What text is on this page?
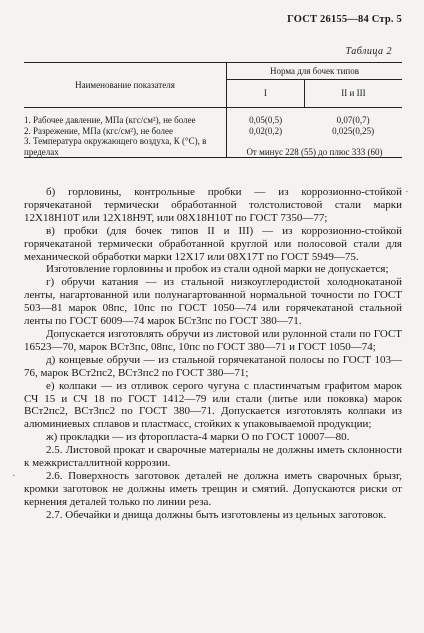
ГОСТ 26155—84 Стр. 5
Таблица 2
Наименование показателя	Норма для бочек типов	
	I	II и III
1. Рабочее давление, МПа (кгс/см²), не более	0,05(0,5)	0,07(0,7)
2. Разрежение, МПа (кгс/см²), не более	0,02(0,2)	0,025(0,25)
3. Температура окружающего воздуха, К (°С), в пределах	От минус 228 (55) до плюс 333 (60)	

б) горловины, контрольные пробки — из коррозионно-стойкой горячекатаной термически обработанной толстолистовой стали марки 12Х18Н10Т или 12Х18Н9Т, или 08Х18Н10Т по ГОСТ 7350—77;

в) пробки (для бочек типов II и III) — из коррозионно-стойкой горячекатаной термически обработанной круглой или полосовой стали для механической обработки марки 12Х17 или 08Х17Т по ГОСТ 5949—75.

Изготовление горловины и пробок из стали одной марки не допускается;

г) обручи катания — из стальной низкоуглеродистой холоднокатаной ленты, нагартованной или полунагартованной нормальной точности по ГОСТ 503—81 марок 08пс, 10пс по ГОСТ 1050—74 или горячекатаной стальной ленты по ГОСТ 6009—74 марок БСт3пс по ГОСТ 380—71.

Допускается изготовлять обручи из листовой или рулонной стали по ГОСТ 16523—70, марок ВСт3пс, 08пс, 10пс по ГОСТ 380—71 и ГОСТ 1050—74;

д) концевые обручи — из стальной горячекатаной полосы по ГОСТ 103—76, марок ВСт2пс2, ВСт3пс2 по ГОСТ 380—71;

е) колпаки — из отливок серого чугуна с пластинчатым графитом марок СЧ 15 и СЧ 18 по ГОСТ 1412—79 или стали (литье или поковка) марок ВСт2пс2, ВСт3пс2 по ГОСТ 380—71. Допускается изготовлять колпаки из алюминиевых сплавов и пластмасс, стойких к упаковываемой продукции;

ж) прокладки — из фторопласта-4 марки О по ГОСТ 10007—80.

2.5. Листовой прокат и сварочные материалы не должны иметь склонности к межкристаллитной коррозии.

2.6. Поверхность заготовок деталей не должна иметь сварочных брызг, кромки заготовок не должны иметь трещин и смятий. Допускаются риски от кернения деталей только по линии реза.

2.7. Обечайки и днища должны быть изготовлены из цельных заготовок.

·
·
